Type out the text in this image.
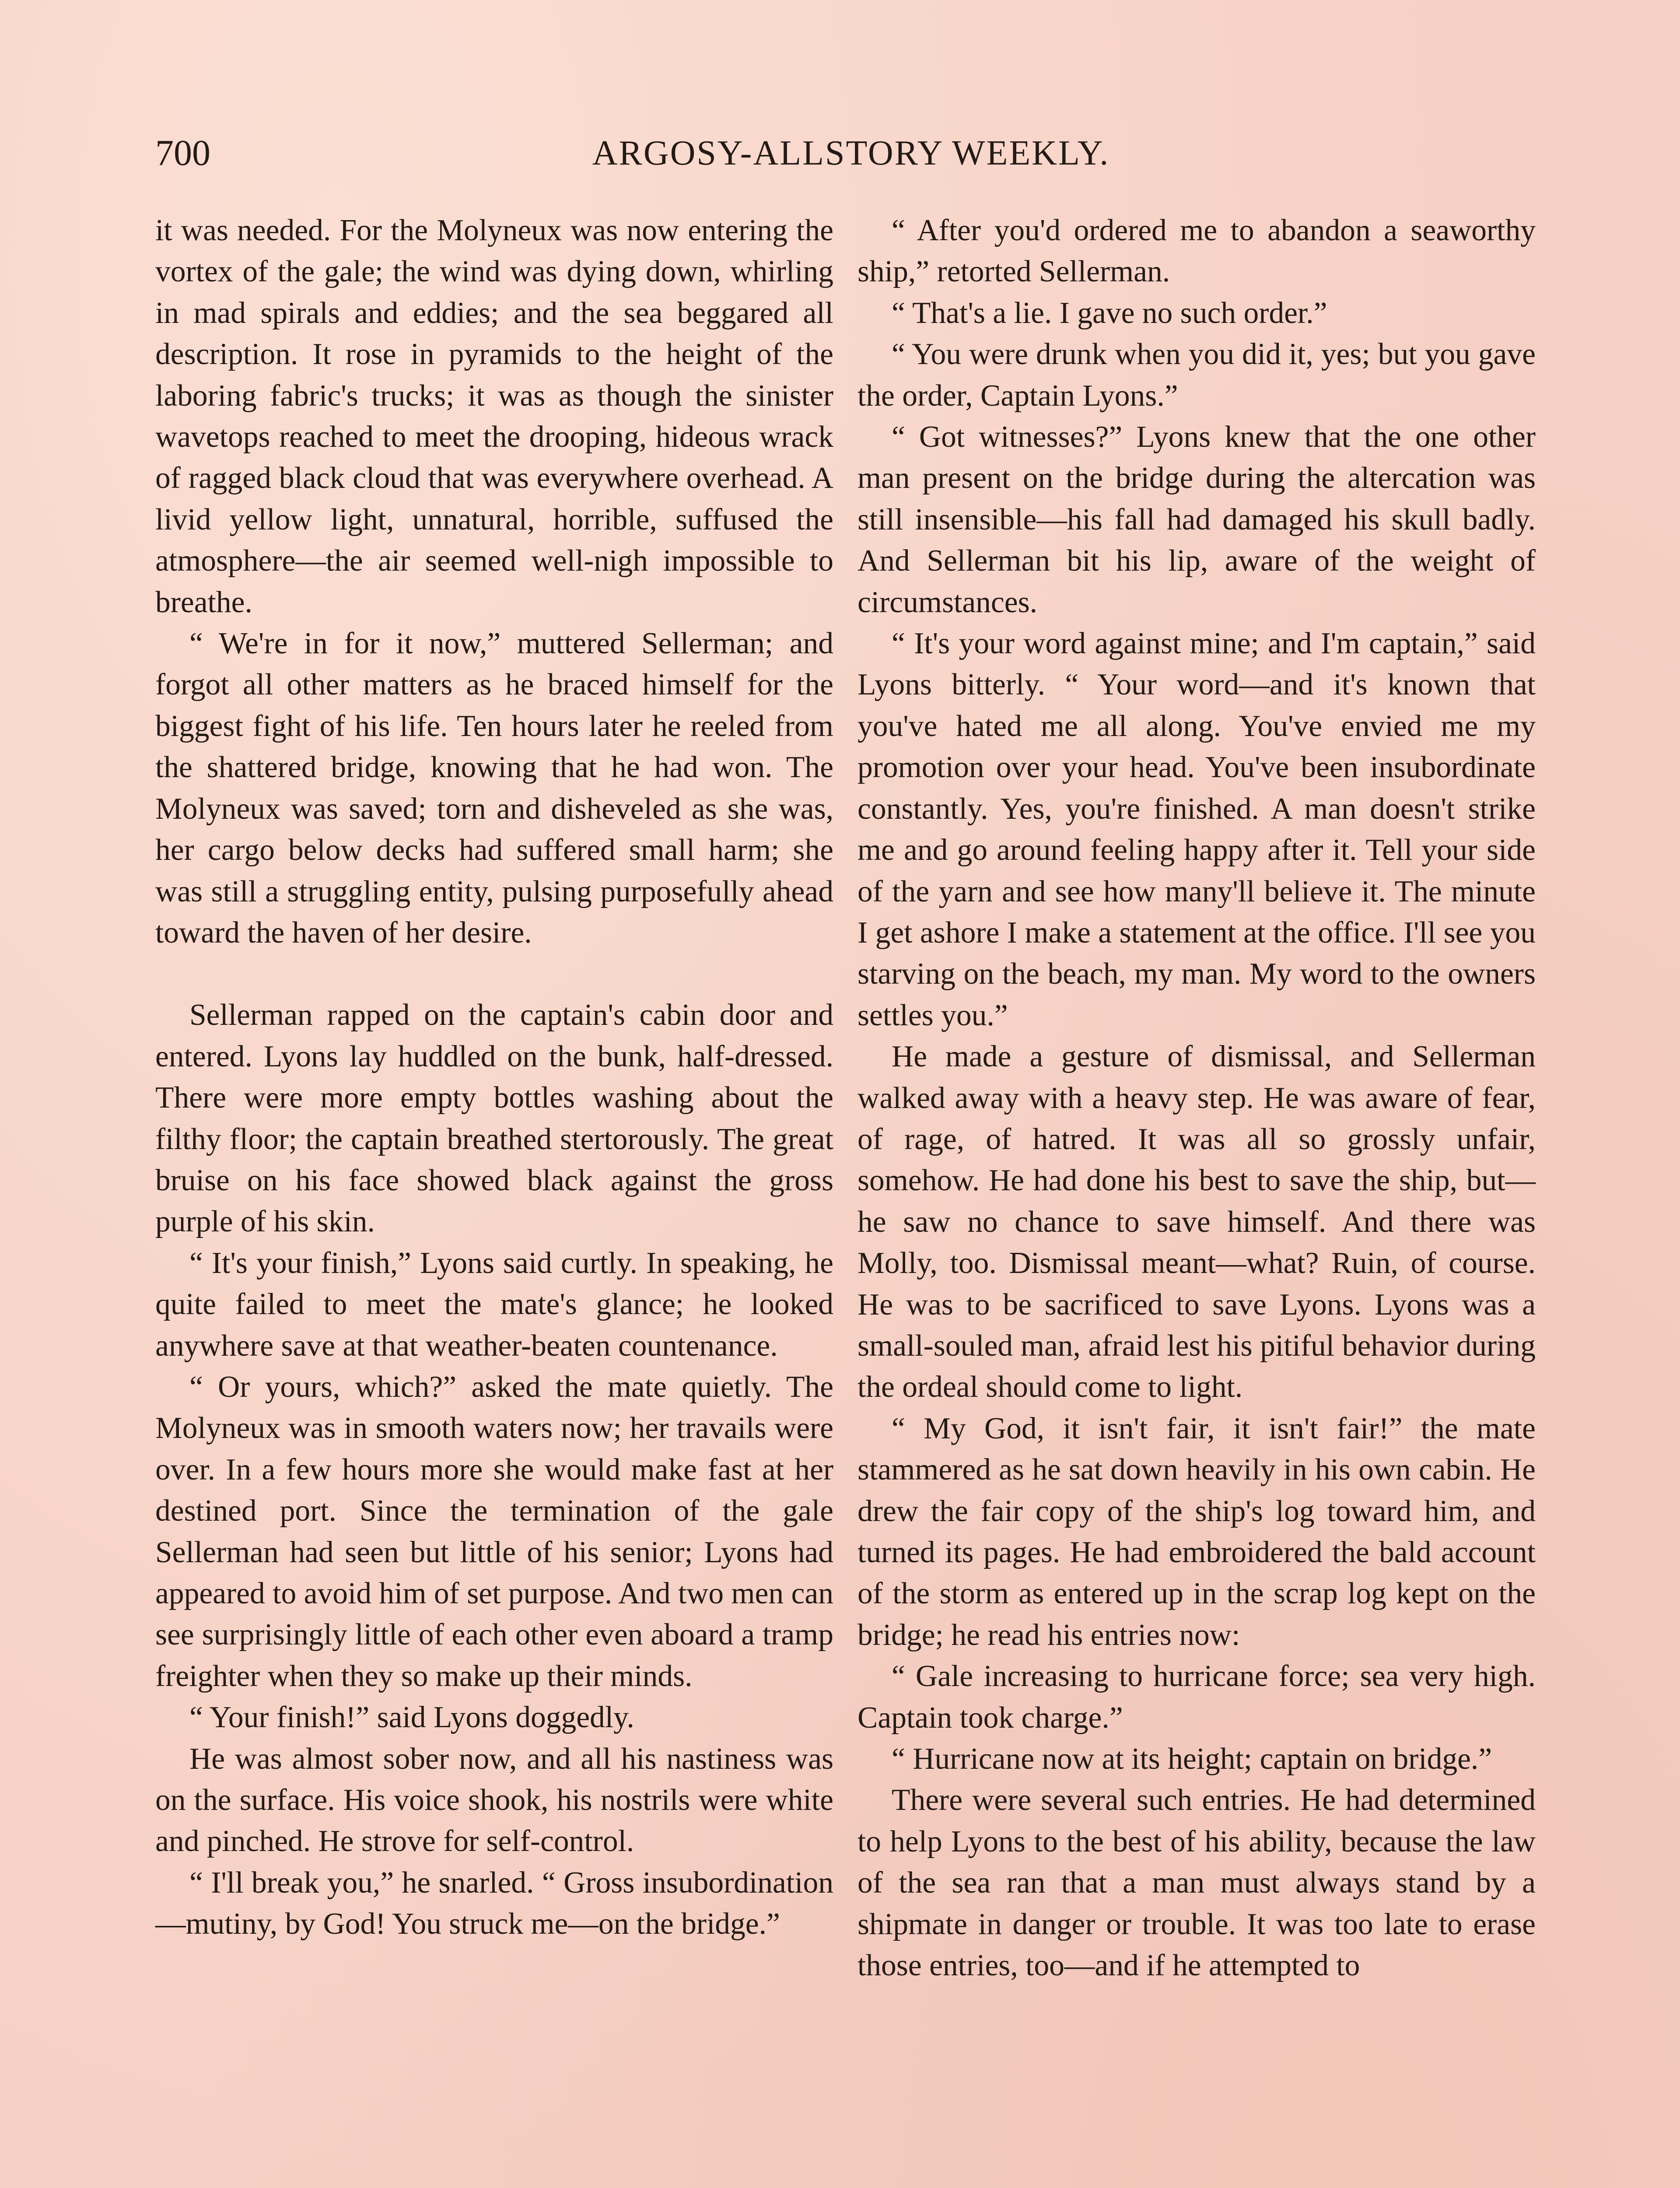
700	ARGOSY-ALLSTORY WEEKLY.

it was needed. For the Molyneux was now entering the vortex of the gale; the wind was dying down, whirling in mad spirals and eddies; and the sea beggared all description. It rose in pyramids to the height of the laboring fabric's trucks; it was as though the sinister wavetops reached to meet the drooping, hideous wrack of ragged black cloud that was everywhere overhead. A livid yellow light, unnatural, horrible, suffused the atmosphere—the air seemed well-nigh impossible to breathe.

“ We're in for it now,” muttered Sellerman; and forgot all other matters as he braced himself for the biggest fight of his life. Ten hours later he reeled from the shattered bridge, knowing that he had won. The Molyneux was saved; torn and disheveled as she was, her cargo below decks had suffered small harm; she was still a struggling entity, pulsing purposefully ahead toward the haven of her desire.

Sellerman rapped on the captain's cabin door and entered. Lyons lay huddled on the bunk, half-dressed. There were more empty bottles washing about the filthy floor; the captain breathed stertorously. The great bruise on his face showed black against the gross purple of his skin.

“ It's your finish,” Lyons said curtly. In speaking, he quite failed to meet the mate's glance; he looked anywhere save at that weather-beaten countenance.

“ Or yours, which?” asked the mate quietly. The Molyneux was in smooth waters now; her travails were over. In a few hours more she would make fast at her destined port. Since the termination of the gale Sellerman had seen but little of his senior; Lyons had appeared to avoid him of set purpose. And two men can see surprisingly little of each other even aboard a tramp freighter when they so make up their minds.

“ Your finish!” said Lyons doggedly.

He was almost sober now, and all his nastiness was on the surface. His voice shook, his nostrils were white and pinched. He strove for self-control.

“ I'll break you,” he snarled. “ Gross insubordination—mutiny, by God! You struck me—on the bridge.”

“ After you'd ordered me to abandon a seaworthy ship,” retorted Sellerman.

“ That's a lie. I gave no such order.”

“ You were drunk when you did it, yes; but you gave the order, Captain Lyons.”

“ Got witnesses?” Lyons knew that the one other man present on the bridge during the altercation was still insensible—his fall had damaged his skull badly. And Sellerman bit his lip, aware of the weight of circumstances.

“ It's your word against mine; and I'm captain,” said Lyons bitterly. “ Your word—and it's known that you've hated me all along. You've envied me my promotion over your head. You've been insubordinate constantly. Yes, you're finished. A man doesn't strike me and go around feeling happy after it. Tell your side of the yarn and see how many'll believe it. The minute I get ashore I make a statement at the office. I'll see you starving on the beach, my man. My word to the owners settles you.”

He made a gesture of dismissal, and Sellerman walked away with a heavy step. He was aware of fear, of rage, of hatred. It was all so grossly unfair, somehow. He had done his best to save the ship, but—he saw no chance to save himself. And there was Molly, too. Dismissal meant—what? Ruin, of course. He was to be sacrificed to save Lyons. Lyons was a small-souled man, afraid lest his pitiful behavior during the ordeal should come to light.

“ My God, it isn't fair, it isn't fair!” the mate stammered as he sat down heavily in his own cabin. He drew the fair copy of the ship's log toward him, and turned its pages. He had embroidered the bald account of the storm as entered up in the scrap log kept on the bridge; he read his entries now:

“ Gale increasing to hurricane force; sea very high. Captain took charge.”

“ Hurricane now at its height; captain on bridge.”

There were several such entries. He had determined to help Lyons to the best of his ability, because the law of the sea ran that a man must always stand by a shipmate in danger or trouble. It was too late to erase those entries, too—and if he attempted to
